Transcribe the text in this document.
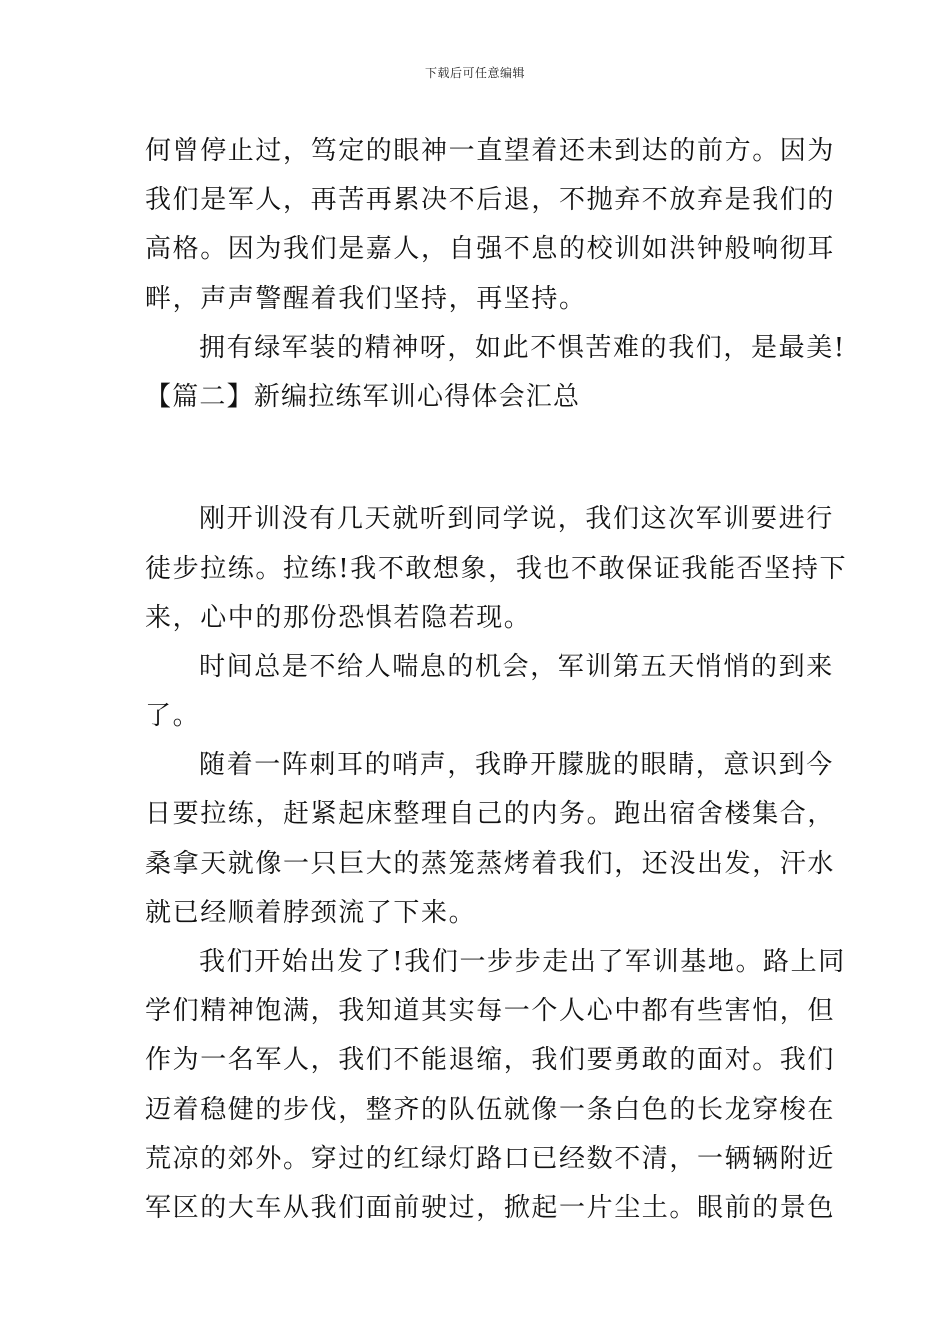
下载后可任意编辑
何曾停止过，笃定的眼神一直望着还未到达的前方。因为
我们是军人，再苦再累决不后退，不抛弃不放弃是我们的
高格。因为我们是嘉人，自强不息的校训如洪钟般响彻耳
畔，声声警醒着我们坚持，再坚持。
拥有绿军装的精神呀，如此不惧苦难的我们，是最美!
【篇二】新编拉练军训心得体会汇总
刚开训没有几天就听到同学说，我们这次军训要进行
徒步拉练。拉练!我不敢想象，我也不敢保证我能否坚持下
来，心中的那份恐惧若隐若现。
时间总是不给人喘息的机会，军训第五天悄悄的到来
了。
随着一阵刺耳的哨声，我睁开朦胧的眼睛，意识到今
日要拉练，赶紧起床整理自己的内务。跑出宿舍楼集合，
桑拿天就像一只巨大的蒸笼蒸烤着我们，还没出发，汗水
就已经顺着脖颈流了下来。
我们开始出发了!我们一步步走出了军训基地。路上同
学们精神饱满，我知道其实每一个人心中都有些害怕，但
作为一名军人，我们不能退缩，我们要勇敢的面对。我们
迈着稳健的步伐，整齐的队伍就像一条白色的长龙穿梭在
荒凉的郊外。穿过的红绿灯路口已经数不清，一辆辆附近
军区的大车从我们面前驶过，掀起一片尘土。眼前的景色
